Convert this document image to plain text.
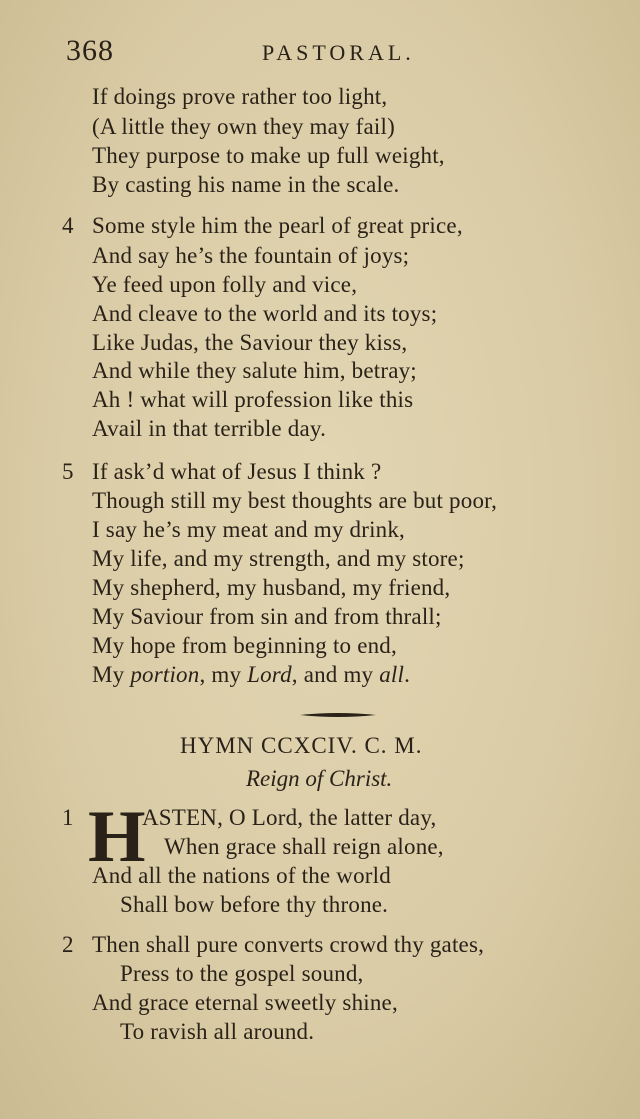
368	PASTORAL.
If doings prove rather too light,
(A little they own they may fail)
They purpose to make up full weight,
By casting his name in the scale.
4 Some style him the pearl of great price,
And say he’s the fountain of joys;
Ye feed upon folly and vice,
And cleave to the world and its toys;
Like Judas, the Saviour they kiss,
And while they salute him, betray;
Ah ! what will profession like this
Avail in that terrible day.
5 If ask’d what of Jesus I think ?
Though still my best thoughts are but poor,
I say he’s my meat and my drink,
My life, and my strength, and my store;
My shepherd, my husband, my friend,
My Saviour from sin and from thrall;
My hope from beginning to end,
My portion, my Lord, and my all.
HYMN CCXCIV. C. M.
Reign of Christ.
1 H
ASTEN, O Lord, the latter day,
When grace shall reign alone,
And all the nations of the world
Shall bow before thy throne.
2 Then shall pure converts crowd thy gates,
Press to the gospel sound,
And grace eternal sweetly shine,
To ravish all around.
